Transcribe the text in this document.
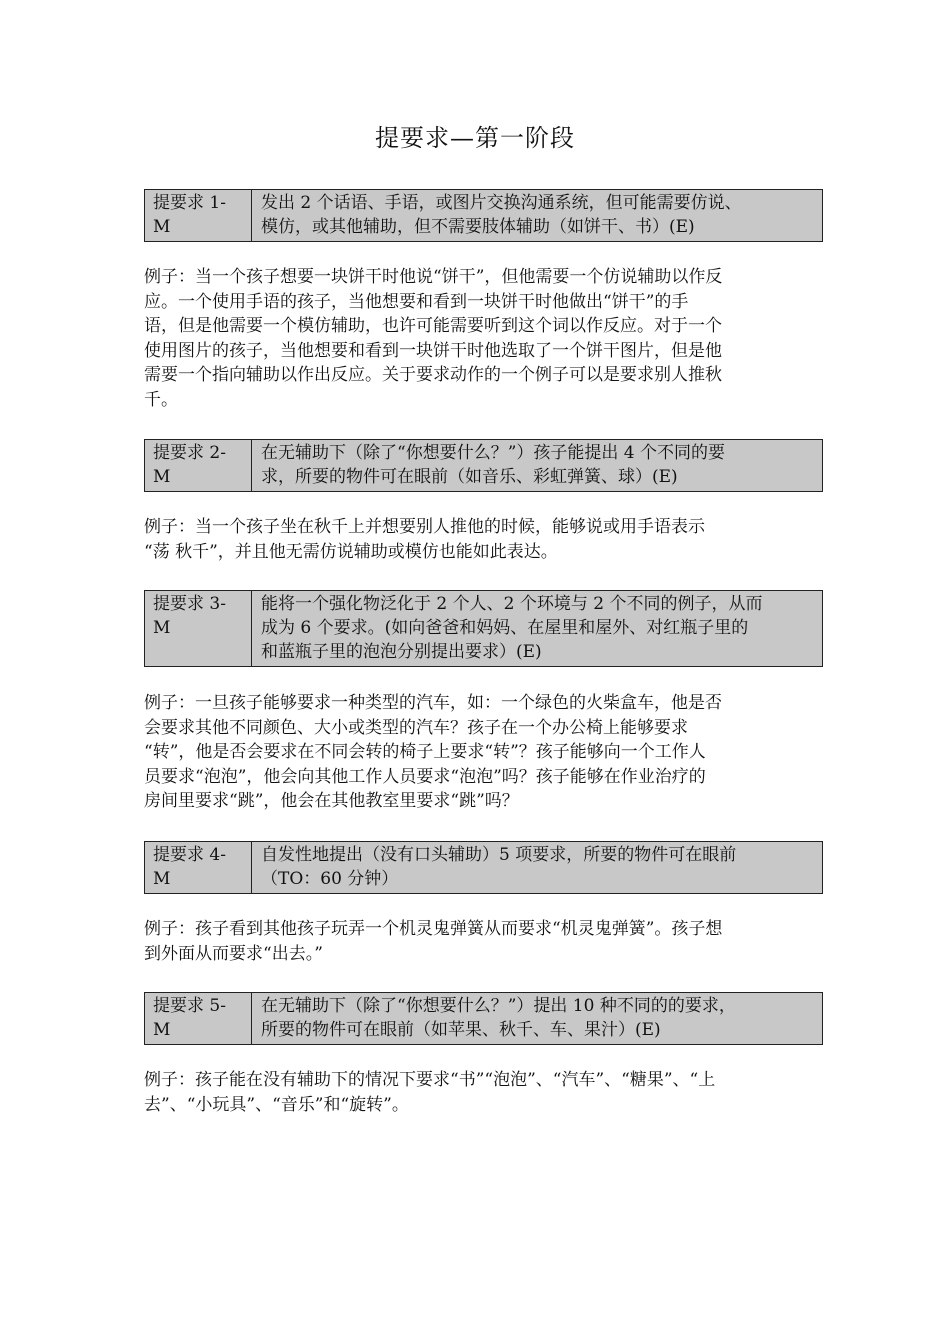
提要求—第一阶段
提要求 1-
M
发出 2 个话语、手语，或图片交换沟通系统，但可能需要仿说、
模仿，或其他辅助，但不需要肢体辅助（如饼干、书）(E)

例子：当一个孩子想要一块饼干时他说“饼干”，但他需要一个仿说辅助以作反
应。一个使用手语的孩子，当他想要和看到一块饼干时他做出“饼干”的手
语，但是他需要一个模仿辅助，也许可能需要听到这个词以作反应。对于一个
使用图片的孩子，当他想要和看到一块饼干时他选取了一个饼干图片，但是他
需要一个指向辅助以作出反应。关于要求动作的一个例子可以是要求别人推秋
千。

提要求 2-
M
在无辅助下（除了“你想要什么？”）孩子能提出 4 个不同的要
求，所要的物件可在眼前（如音乐、彩虹弹簧、球）(E)

例子：当一个孩子坐在秋千上并想要别人推他的时候，能够说或用手语表示
“荡 秋千”，并且他无需仿说辅助或模仿也能如此表达。

提要求 3-
M
能将一个强化物泛化于 2 个人、2 个环境与 2 个不同的例子，从而
成为 6 个要求。(如向爸爸和妈妈、在屋里和屋外、对红瓶子里的
和蓝瓶子里的泡泡分别提出要求）(E)

例子：一旦孩子能够要求一种类型的汽车，如：一个绿色的火柴盒车，他是否
会要求其他不同颜色、大小或类型的汽车？孩子在一个办公椅上能够要求
“转”，他是否会要求在不同会转的椅子上要求“转”？孩子能够向一个工作人
员要求“泡泡”，他会向其他工作人员要求“泡泡”吗？孩子能够在作业治疗的
房间里要求“跳”，他会在其他教室里要求“跳”吗？

提要求 4-
M
自发性地提出（没有口头辅助）5 项要求，所要的物件可在眼前
（TO：60 分钟）

例子：孩子看到其他孩子玩弄一个机灵鬼弹簧从而要求“机灵鬼弹簧”。孩子想
到外面从而要求“出去。”

提要求 5-
M
在无辅助下（除了“你想要什么？”）提出 10 种不同的的要求，
所要的物件可在眼前（如苹果、秋千、车、果汁）(E)

例子：孩子能在没有辅助下的情况下要求“书”“泡泡”、“汽车”、“糖果”、“上
去”、“小玩具”、“音乐”和“旋转”。
